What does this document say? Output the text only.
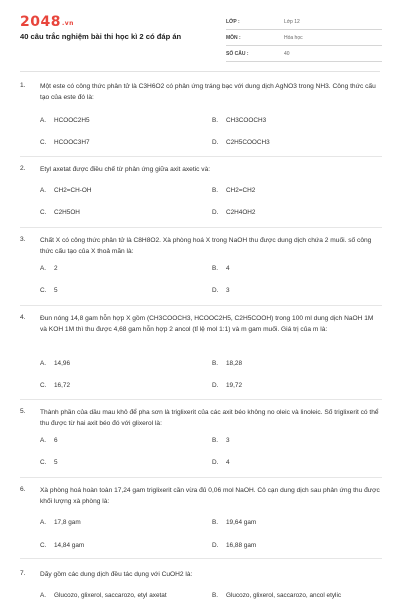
2048.vn
40 câu trắc nghiệm bài thi học kì 2 có đáp án
LỚP :	Lớp 12
MÔN :	Hóa học
SỐ CÂU :	40
1. Một este có công thức phân tử là C3H6O2 có phản ứng tráng bạc với dung dịch AgNO3 trong NH3. Công thức cấu tạo của este đó là:
A. HCOOC2H5	B. CH3COOCH3
C. HCOOC3H7	D. C2H5COOCH3
2. Etyl axetat được điều chế từ phản ứng giữa axit axetic và:
A. CH2=CH-OH	B. CH2=CH2
C. C2H5OH	D. C2H4OH2
3. Chất X có công thức phân tử là C8H8O2. Xà phòng hoá X trong NaOH thu được dung dịch chứa 2 muối. số công thức cấu tạo của X thoả mãn là:
A. 2	B. 4
C. 5	D. 3
4. Đun nóng 14,8 gam hỗn hợp X gồm (CH3COOCH3, HCOOC2H5, C2H5COOH) trong 100 ml dung dịch NaOH 1M và KOH 1M thì thu được 4,68 gam hỗn hợp 2 ancol (tỉ lệ mol 1:1) và m gam muối. Giá trị của m là:
A. 14,96	B. 18,28
C. 16,72	D. 19,72
5. Thành phần của dầu mau khô để pha sơn là triglixerit của các axit béo không no oleic và linoleic. Số triglixerit có thể thu được từ hai axit béo đó với glixerol là:
A. 6	B. 3
C. 5	D. 4
6. Xà phòng hoá hoàn toàn 17,24 gam triglixerit cần vừa đủ 0,06 mol NaOH. Cô cạn dung dịch sau phản ứng thu được khối lượng xà phòng là:
A. 17,8 gam	B. 19,64 gam
C. 14,84 gam	D. 16,88 gam
7. Dãy gồm các dung dịch đều tác dụng với CuOH2 là:
A. Glucozo, glixerol, saccarozo, etyl axetat	B. Glucozo, glixerol, saccarozo, ancol etylic
